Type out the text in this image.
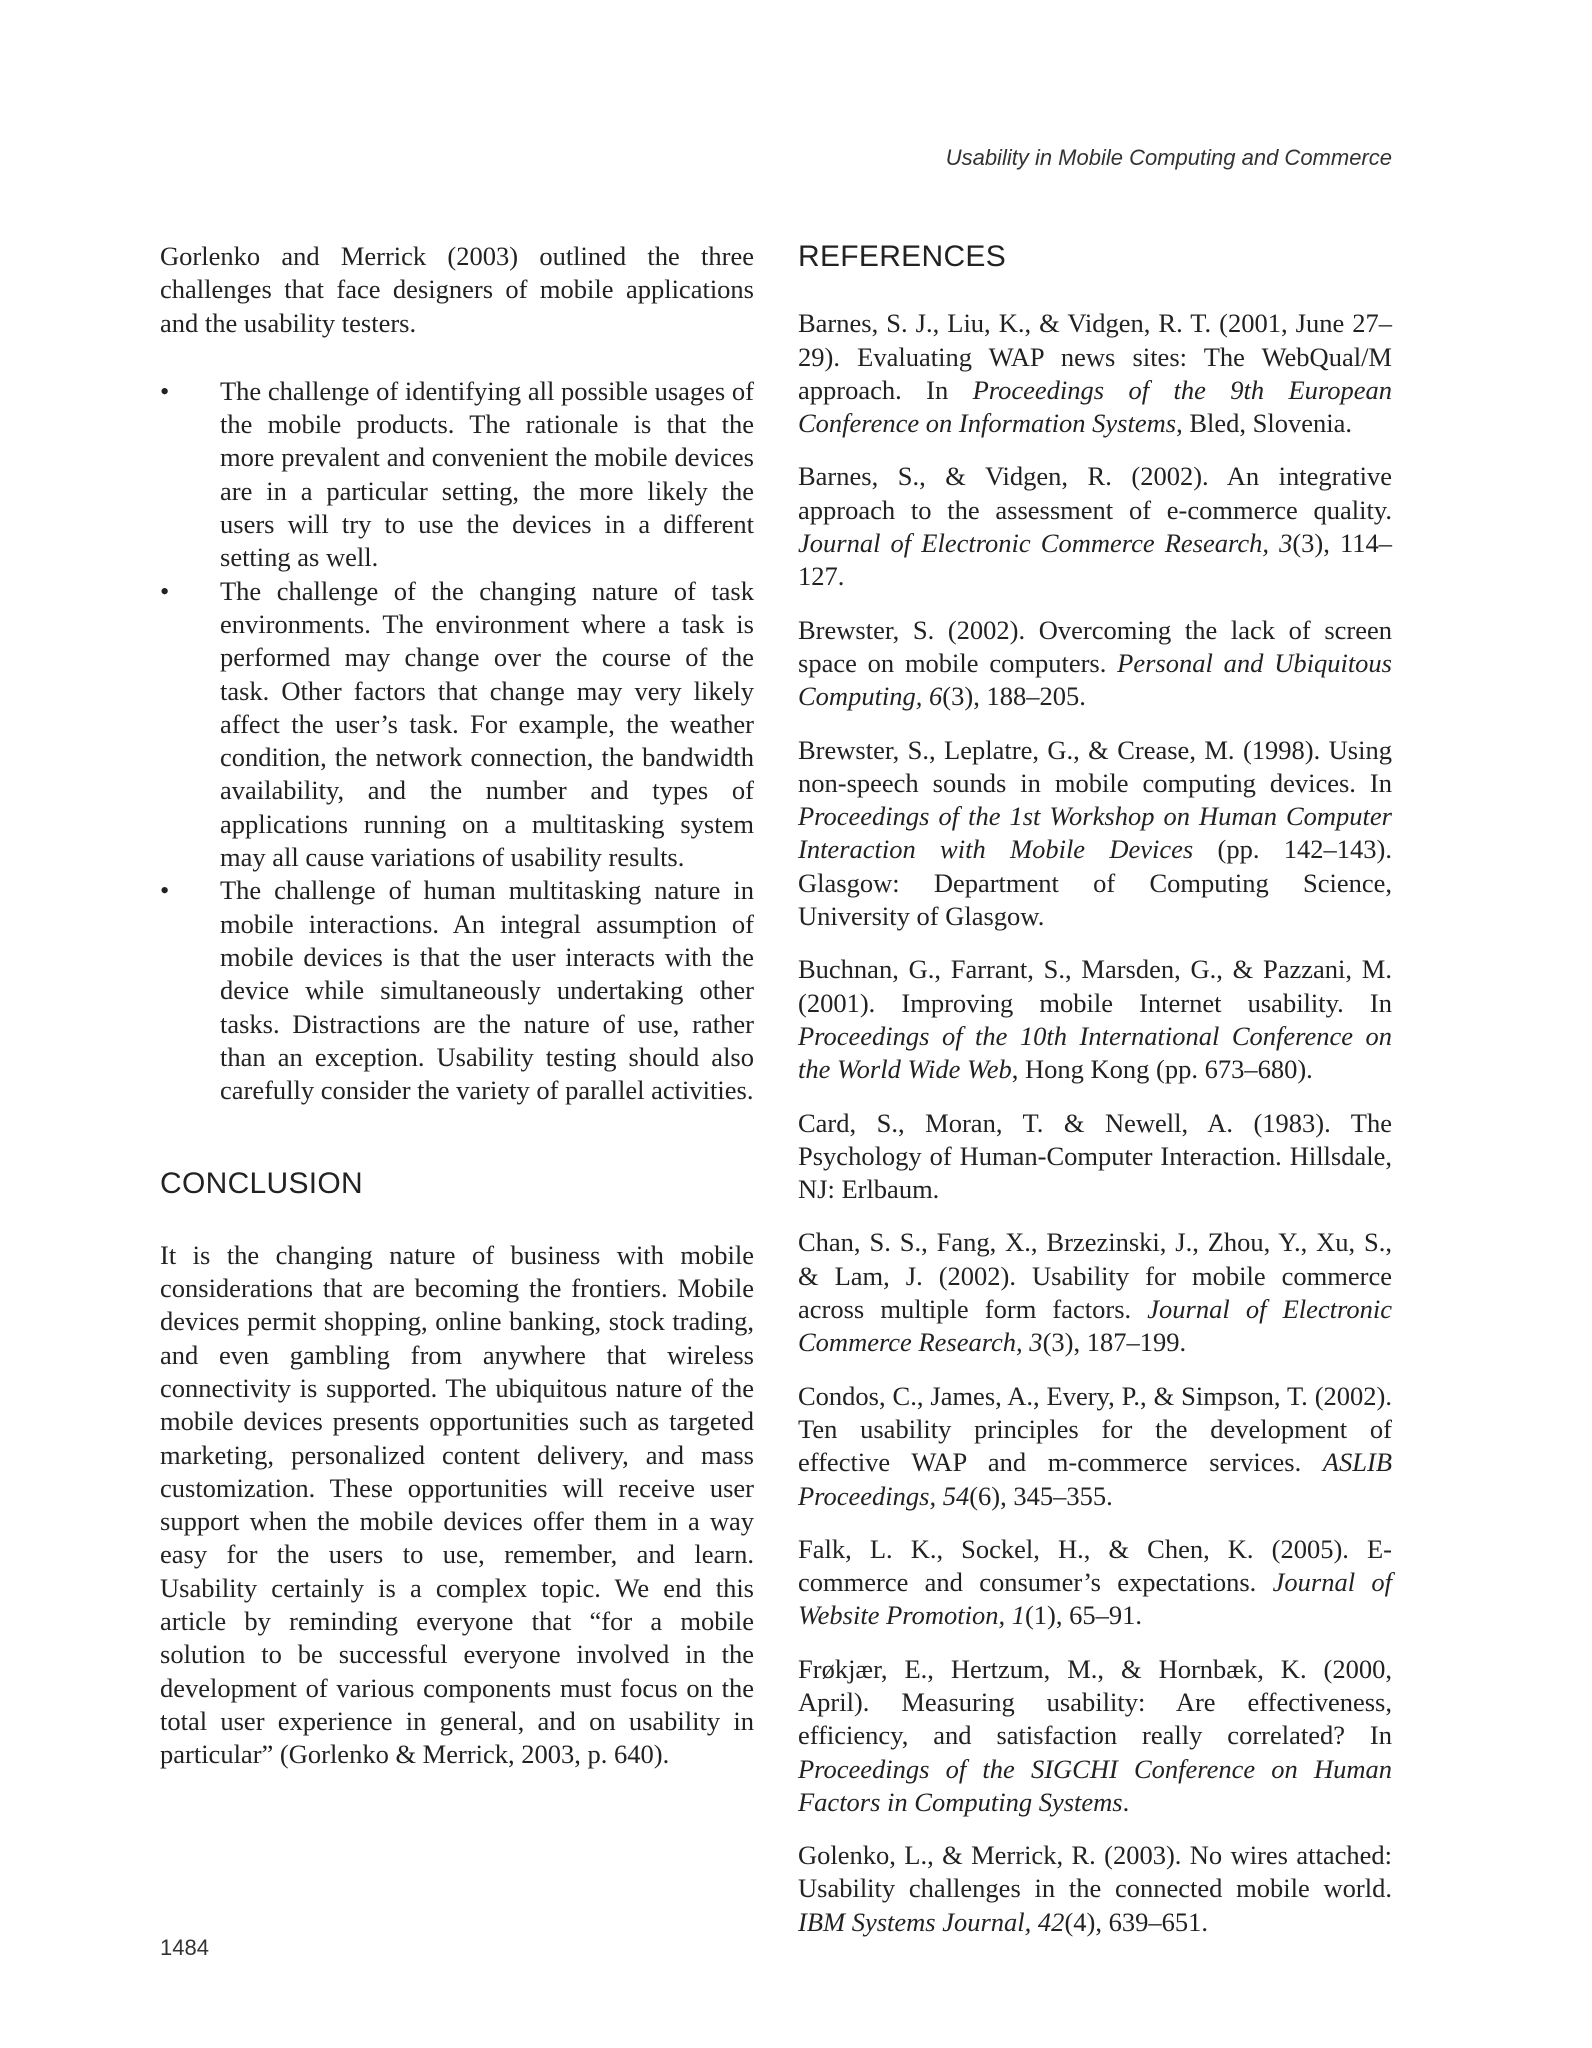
Usability in Mobile Computing and Commerce

Gorlenko and Merrick (2003) outlined the three challenges that face designers of mobile applications and the usability testers.

• The challenge of identifying all possible usages of the mobile products. The rationale is that the more prevalent and convenient the mobile devices are in a particular setting, the more likely the users will try to use the devices in a different setting as well.
• The challenge of the changing nature of task environments. The environment where a task is performed may change over the course of the task. Other factors that change may very likely affect the user’s task. For example, the weather condition, the network connection, the bandwidth availability, and the number and types of applications running on a multitasking system may all cause variations of usability results.
• The challenge of human multitasking nature in mobile interactions. An integral assumption of mobile devices is that the user interacts with the device while simultaneously undertaking other tasks. Distractions are the nature of use, rather than an exception. Usability testing should also carefully consider the variety of parallel activities.
CONCLUSION

It is the changing nature of business with mobile considerations that are becoming the frontiers. Mobile devices permit shopping, online banking, stock trading, and even gambling from anywhere that wireless connectivity is supported. The ubiquitous nature of the mobile devices presents opportunities such as targeted marketing, personalized content delivery, and mass customization. These opportunities will receive user support when the mobile devices offer them in a way easy for the users to use, remember, and learn. Usability certainly is a complex topic. We end this article by reminding everyone that “for a mobile solution to be successful everyone involved in the development of various components must focus on the total user experience in general, and on usability in particular” (Gorlenko & Merrick, 2003, p. 640).

REFERENCES

Barnes, S. J., Liu, K., & Vidgen, R. T. (2001, June 27–29). Evaluating WAP news sites: The WebQual/M approach. In Proceedings of the 9th European Conference on Information Systems, Bled, Slovenia.

Barnes, S., & Vidgen, R. (2002). An integrative approach to the assessment of e-commerce quality. Journal of Electronic Commerce Research, 3(3), 114–127.

Brewster, S. (2002). Overcoming the lack of screen space on mobile computers. Personal and Ubiquitous Computing, 6(3), 188–205.

Brewster, S., Leplatre, G., & Crease, M. (1998). Using non-speech sounds in mobile computing devices. In Proceedings of the 1st Workshop on Human Computer Interaction with Mobile Devices (pp. 142–143). Glasgow: Department of Computing Science, University of Glasgow.

Buchnan, G., Farrant, S., Marsden, G., & Pazzani, M. (2001). Improving mobile Internet usability. In Proceedings of the 10th International Conference on the World Wide Web, Hong Kong (pp. 673–680).

Card, S., Moran, T. & Newell, A. (1983). The Psychology of Human-Computer Interaction. Hillsdale, NJ: Erlbaum.

Chan, S. S., Fang, X., Brzezinski, J., Zhou, Y., Xu, S., & Lam, J. (2002). Usability for mobile commerce across multiple form factors. Journal of Electronic Commerce Research, 3(3), 187–199.

Condos, C., James, A., Every, P., & Simpson, T. (2002). Ten usability principles for the development of effective WAP and m-commerce services. ASLIB Proceedings, 54(6), 345–355.

Falk, L. K., Sockel, H., & Chen, K. (2005). E-commerce and consumer’s expectations. Journal of Website Promotion, 1(1), 65–91.

Frøkjær, E., Hertzum, M., & Hornbæk, K. (2000, April). Measuring usability: Are effectiveness, efficiency, and satisfaction really correlated? In Proceedings of the SIGCHI Conference on Human Factors in Computing Systems.

Golenko, L., & Merrick, R. (2003). No wires attached: Usability challenges in the connected mobile world. IBM Systems Journal, 42(4), 639–651.

1484
